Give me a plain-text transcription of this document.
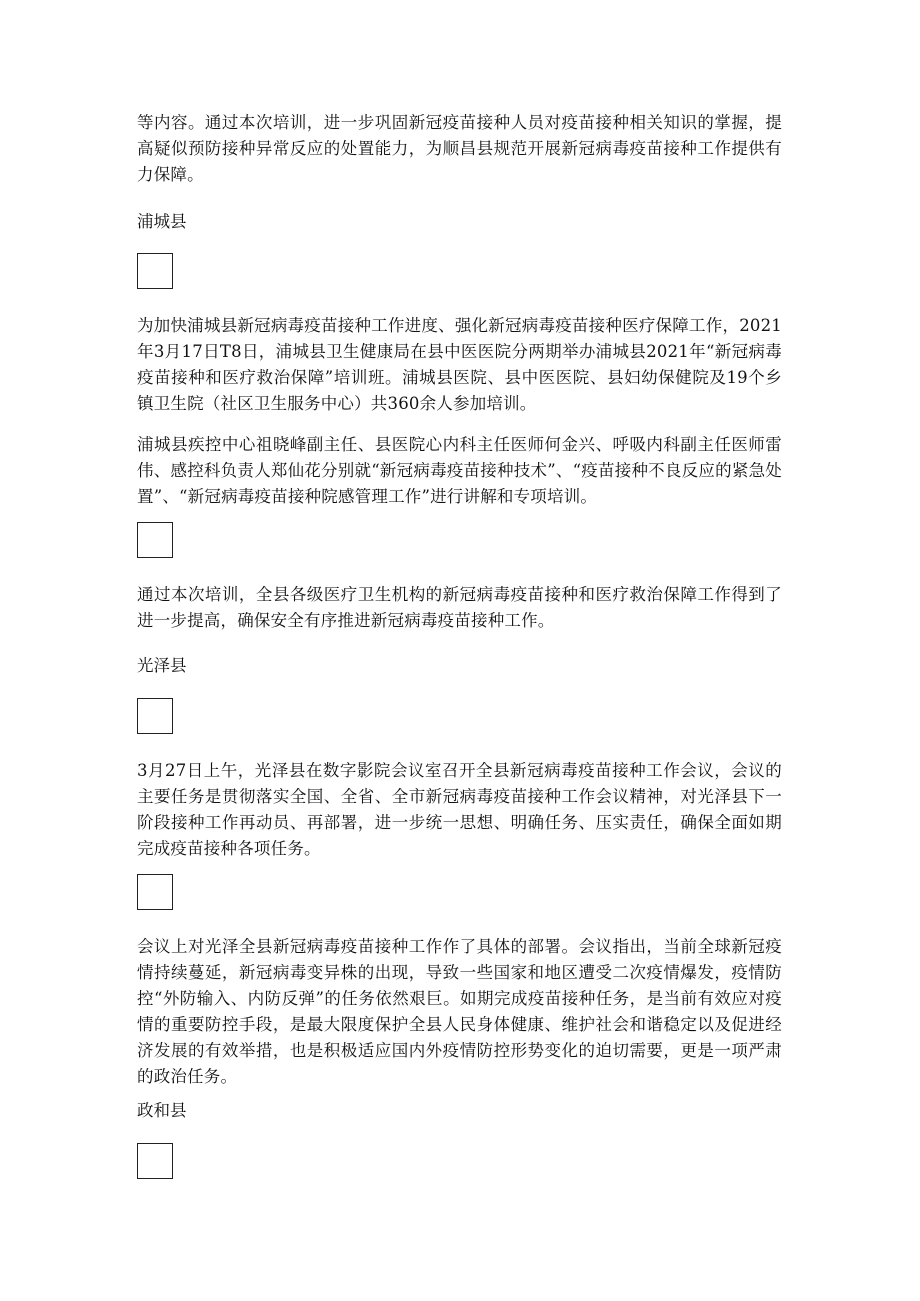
等内容。通过本次培训，进一步巩固新冠疫苗接种人员对疫苗接种相关知识的掌握，提高疑似预防接种异常反应的处置能力，为顺昌县规范开展新冠病毒疫苗接种工作提供有力保障。

浦城县

为加快浦城县新冠病毒疫苗接种工作进度、强化新冠病毒疫苗接种医疗保障工作，2021年3月17日T8日，浦城县卫生健康局在县中医医院分两期举办浦城县2021年“新冠病毒疫苗接种和医疗救治保障”培训班。浦城县医院、县中医医院、县妇幼保健院及19个乡镇卫生院（社区卫生服务中心）共360余人参加培训。

浦城县疾控中心祖晓峰副主任、县医院心内科主任医师何金兴、呼吸内科副主任医师雷伟、感控科负责人郑仙花分别就“新冠病毒疫苗接种技术”、“疫苗接种不良反应的紧急处置”、“新冠病毒疫苗接种院感管理工作”进行讲解和专项培训。

通过本次培训，全县各级医疗卫生机构的新冠病毒疫苗接种和医疗救治保障工作得到了进一步提高，确保安全有序推进新冠病毒疫苗接种工作。

光泽县

3月27日上午，光泽县在数字影院会议室召开全县新冠病毒疫苗接种工作会议，会议的主要任务是贯彻落实全国、全省、全市新冠病毒疫苗接种工作会议精神，对光泽县下一阶段接种工作再动员、再部署，进一步统一思想、明确任务、压实责任，确保全面如期完成疫苗接种各项任务。

会议上对光泽全县新冠病毒疫苗接种工作作了具体的部署。会议指出，当前全球新冠疫情持续蔓延，新冠病毒变异株的出现，导致一些国家和地区遭受二次疫情爆发，疫情防控“外防输入、内防反弹”的任务依然艰巨。如期完成疫苗接种任务，是当前有效应对疫情的重要防控手段，是最大限度保护全县人民身体健康、维护社会和谐稳定以及促进经济发展的有效举措，也是积极适应国内外疫情防控形势变化的迫切需要，更是一项严肃的政治任务。

政和县
